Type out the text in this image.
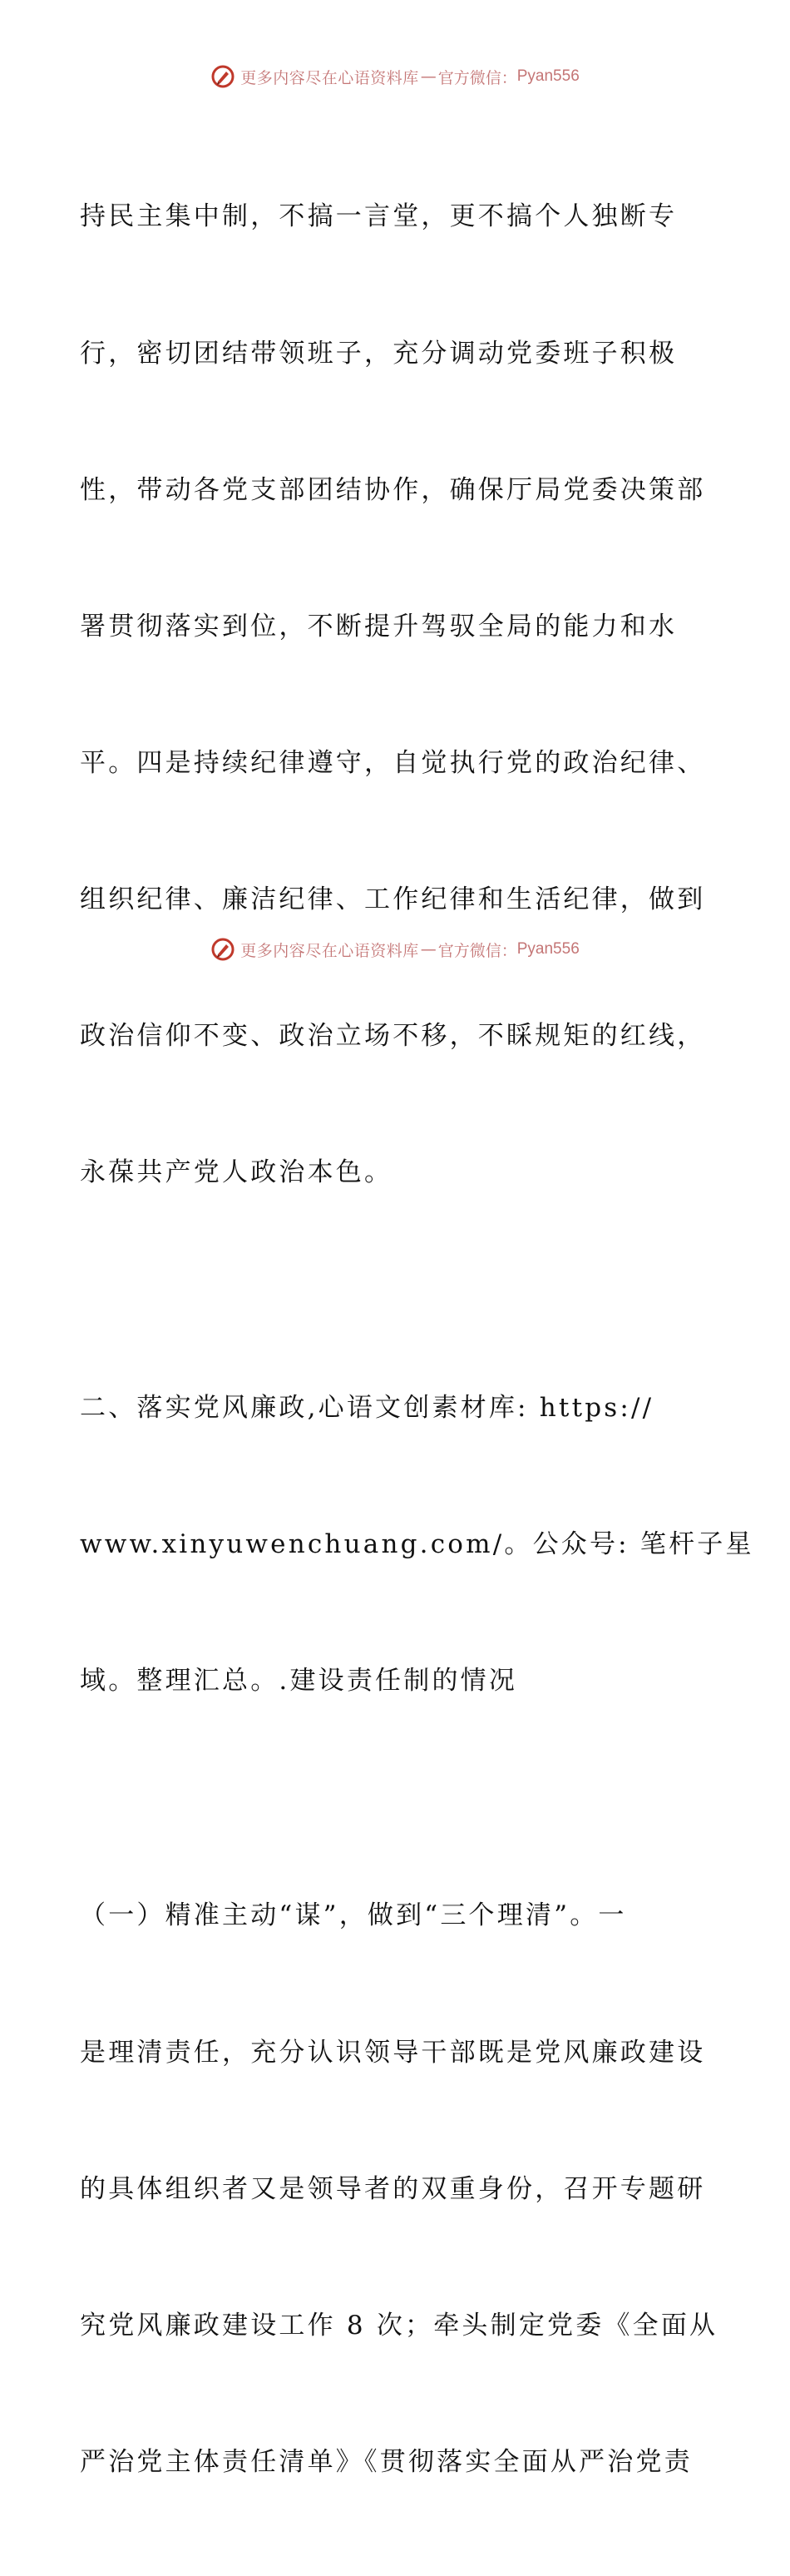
更多内容尽在心语资料库 — 官方微信： Pyan556

持民主集中制，不搞一言堂，更不搞个人独断专

行，密切团结带领班子，充分调动党委班子积极

性，带动各党支部团结协作，确保厅局党委决策部

署贯彻落实到位，不断提升驾驭全局的能力和水

平。四是持续纪律遵守，自觉执行党的政治纪律、

组织纪律、廉洁纪律、工作纪律和生活纪律，做到

政治信仰不变、政治立场不移，不睬规矩的红线，

永葆共产党人政治本色。

二、落实党风廉政,心语文创素材库: https://

www.xinyuwenchuang.com/。公众号: 笔杆子星

域。整理汇总。.建设责任制的情况

（一）精准主动“谋”，做到“三个理清”。一

是理清责任，充分认识领导干部既是党风廉政建设

的具体组织者又是领导者的双重身份，召开专题研

究党风廉政建设工作 8 次；牵头制定党委《全面从

严治党主体责任清单》《贯彻落实全面从严治党责

更多内容尽在心语资料库 — 官方微信： Pyan556
